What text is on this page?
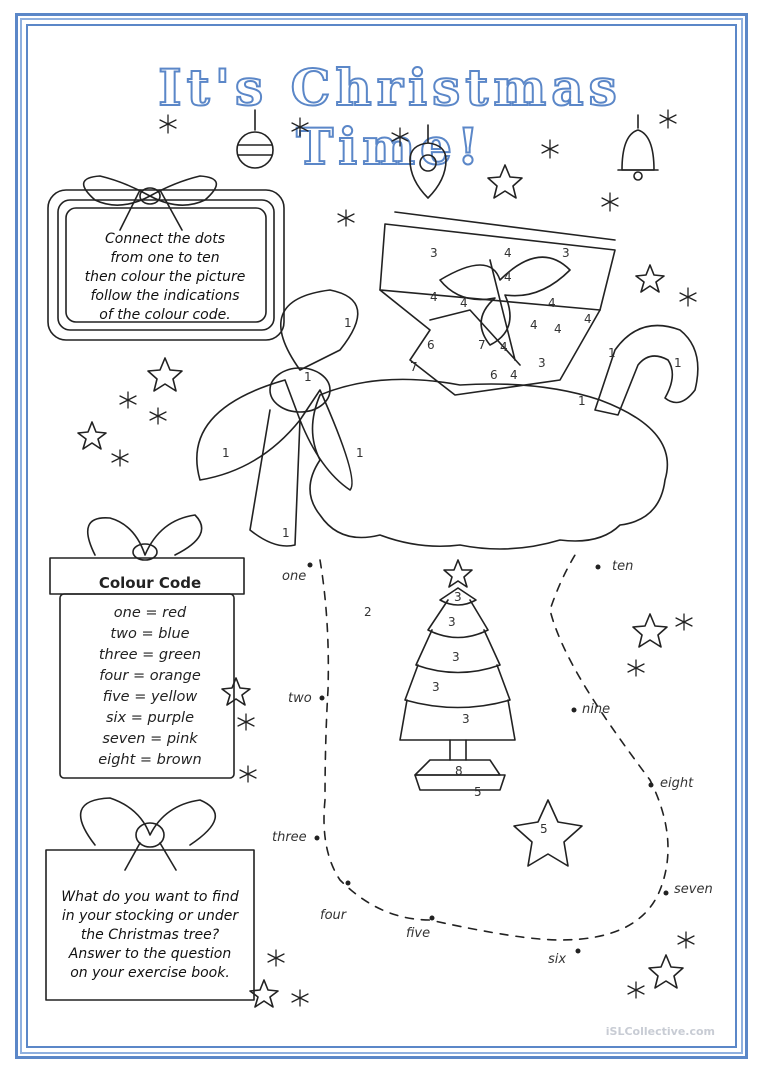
It's Christmas Time!
Connect the dots
from one to ten
then colour the picture
follow the indications
of the colour code.
Colour Code
one = red
two = blue
three = green
four = orange
five = yellow
six = purple
seven = pink
eight = brown
What do you want to find
in your stocking or under
the Christmas tree?
Answer to the question
on your exercise book.
one
two
three
four
five
six
seven
eight
nine
ten
3	4	3
4
4 4	4
4 4
4
6	7 4
7
6 4
3
1
1
1	1
1
1
1
1
2
3
3
3
3
3
8
5
5
iSLCollective.com
